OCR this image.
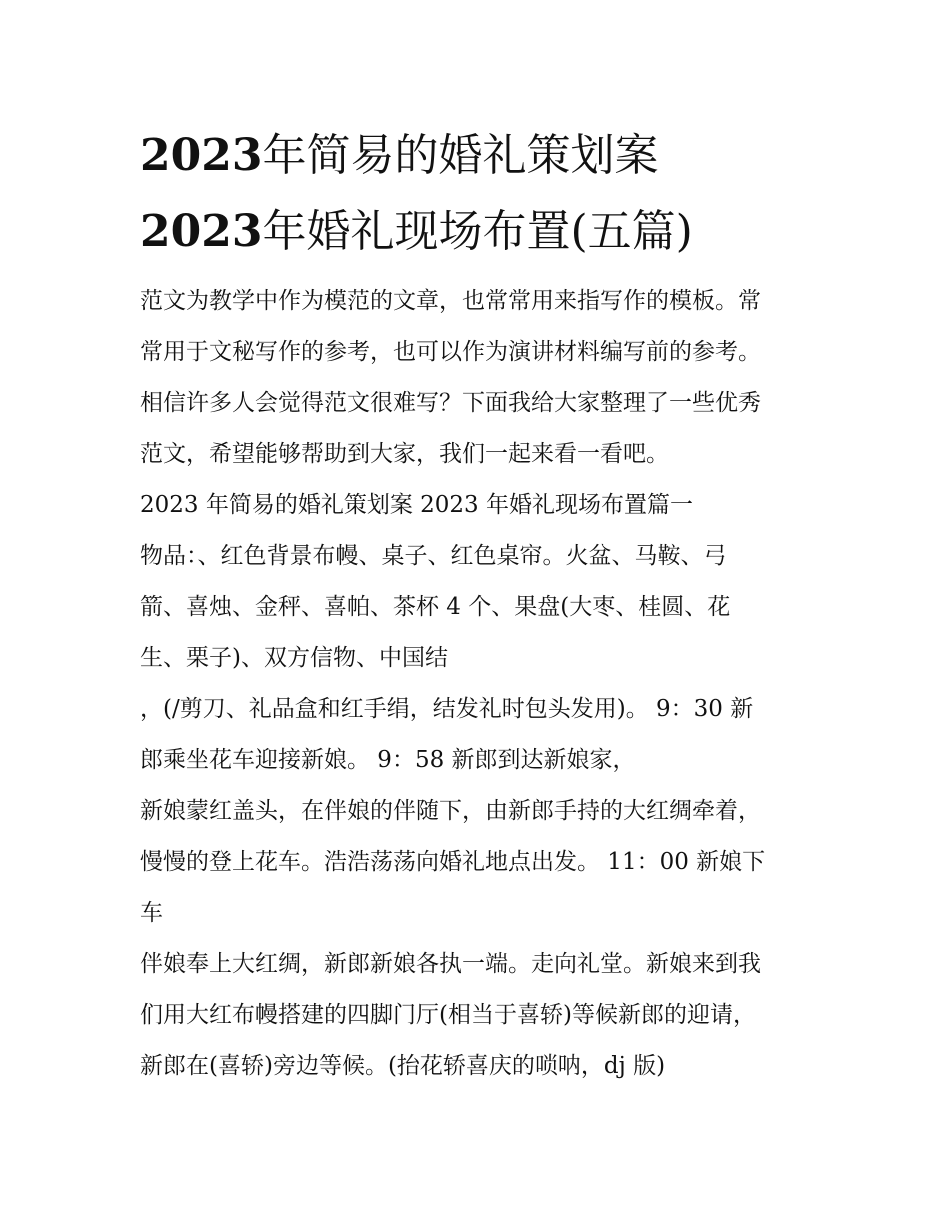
2023年简易的婚礼策划案
2023年婚礼现场布置(五篇)
范文为教学中作为模范的文章，也常常用来指写作的模板。常
常用于文秘写作的参考，也可以作为演讲材料编写前的参考。
相信许多人会觉得范文很难写？下面我给大家整理了一些优秀
范文，希望能够帮助到大家，我们一起来看一看吧。
2023 年简易的婚礼策划案 2023 年婚礼现场布置篇一
物品：、红色背景布幔、桌子、红色桌帘。火盆、马鞍、弓
箭、喜烛、金秤、喜帕、茶杯 4 个、果盘(大枣、桂圆、花
生、栗子)、双方信物、中国结
，(/剪刀、礼品盒和红手绢，结发礼时包头发用)。 9：30 新
郎乘坐花车迎接新娘。 9：58 新郎到达新娘家，
新娘蒙红盖头，在伴娘的伴随下，由新郎手持的大红绸牵着，
慢慢的登上花车。浩浩荡荡向婚礼地点出发。 11：00 新娘下
车
伴娘奉上大红绸，新郎新娘各执一端。走向礼堂。新娘来到我
们用大红布幔搭建的四脚门厅(相当于喜轿)等候新郎的迎请，
新郎在(喜轿)旁边等候。(抬花轿喜庆的唢呐，dj 版)
